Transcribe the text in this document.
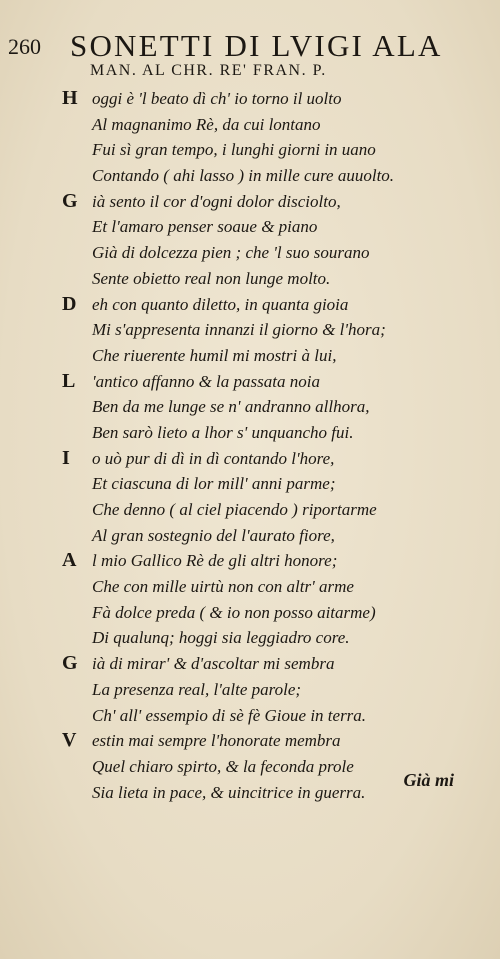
260 SONETTI DI LVIGI ALA
MAN. AL CHR. RE' FRAN. P.
H oggi è 'l beato dì ch' io torno il uolto
Al magnanimo Rè, da cui lontano
Fui sì gran tempo, i lunghi giorni in uano
Contando ( ahi lasso ) in mille cure auuolto.
G ià sento il cor d'ogni dolor disciolto,
Et l'amaro penser soaue & piano
Già di dolcezza pien ; che 'l suo sourano
Sente obietto real non lunge molto.
D eh con quanto diletto, in quanta gioia
Mi s'appresenta innanzi il giorno & l'hora;
Che riuerente humil mi mostri à lui,
L 'antico affanno & la passata noia
Ben da me lunge se n' andranno allhora,
Ben sarò lieto a lhor s' unquancho fui.
I o uò pur di dì in dì contando l'hore,
Et ciascuna di lor mill' anni parme;
Che denno ( al ciel piacendo ) riportarme
Al gran sostegnio del l'aurato fiore,
A l mio Gallico Rè de gli altri honore;
Che con mille uirtù non con altr' arme
Fà dolce preda ( & io non posso aitarme)
Di qualunq; hoggi sia leggiadro core.
G ià di mirar' & d'ascoltar mi sembra
La presenza real, l'alte parole;
Ch' all' essempio di sè fè Gioue in terra.
V estin mai sempre l'honorate membra
Quel chiaro spirto, & la feconda prole
Sia lieta in pace, & uincitrice in guerra.
Già mi
